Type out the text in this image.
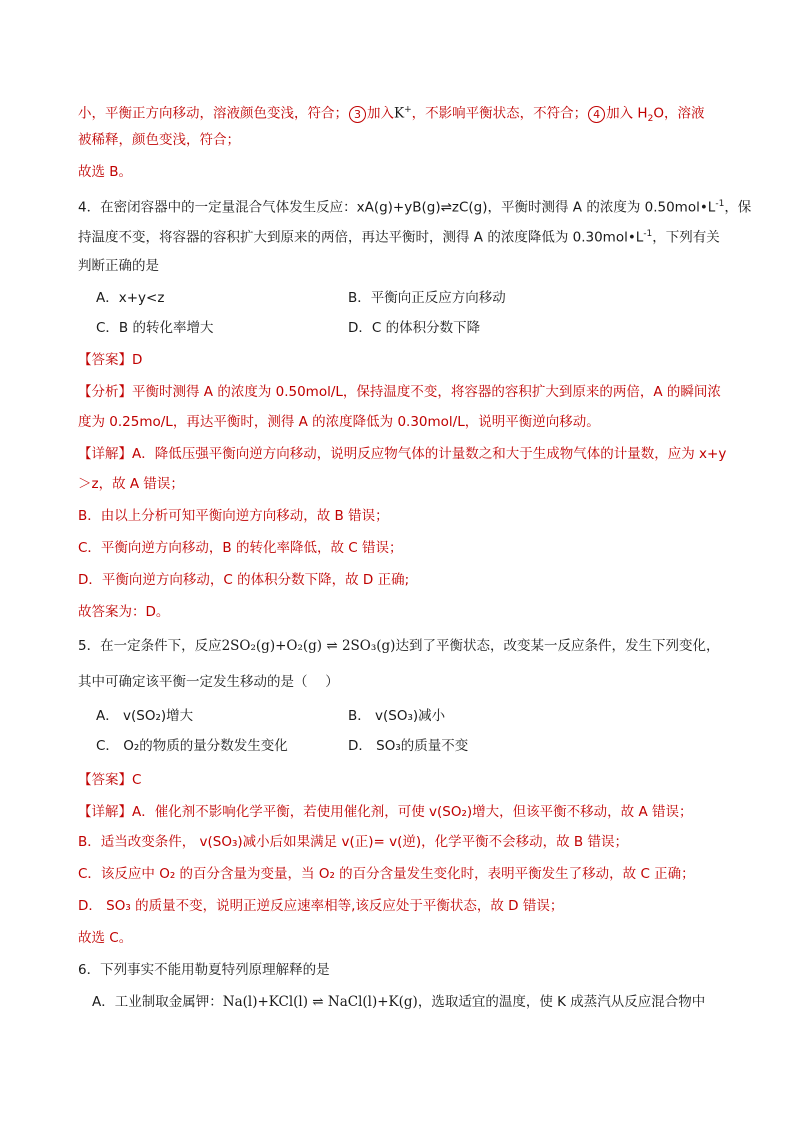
小，平衡正方向移动，溶液颜色变浅，符合； 3 加入K+，不影响平衡状态，不符合； 4 加入 $H_2O$，溶液
被稀释，颜色变浅，符合；
故选 B。
4．在密闭容器中的一定量混合气体发生反应：xA(g)+yB(g)⇌zC(g)，平衡时测得 A 的浓度为 $0.50mol•L^{-1}$，保
持温度不变，将容器的容积扩大到原来的两倍，再达平衡时，测得 A 的浓度降低为 $0.30mol•L^{-1}$，下列有关
判断正确的是
A．x+y<z	B．平衡向正反应方向移动
C．B 的转化率增大	D．C 的体积分数下降
【答案】D
【分析】平衡时测得 A 的浓度为 0.50mol/L，保持温度不变，将容器的容积扩大到原来的两倍，A 的瞬间浓
度为 0.25mo/L，再达平衡时，测得 A 的浓度降低为 0.30mol/L，说明平衡逆向移动。
【详解】A．降低压强平衡向逆方向移动，说明反应物气体的计量数之和大于生成物气体的计量数，应为 x+y
＞z，故 A 错误；
B．由以上分析可知平衡向逆方向移动，故 B 错误；
C．平衡向逆方向移动，B 的转化率降低，故 C 错误；
D．平衡向逆方向移动，C 的体积分数下降，故 D 正确;
故答案为：D。
5．在一定条件下，反应2SO₂(g)+O₂(g) ⇌ 2SO₃(g)达到了平衡状态，改变某一反应条件，发生下列变化，
其中可确定该平衡一定发生移动的是（　 ）
A． v(SO₂)增大	B． v(SO₃)减小
C． O₂的物质的量分数发生变化	D． SO₃的质量不变
【答案】C
【详解】A．催化剂不影响化学平衡，若使用催化剂，可使 v(SO₂)增大，但该平衡不移动，故 A 错误；
B．适当改变条件， v(SO₃)减小后如果满足 v(正)= v(逆)，化学平衡不会移动，故 B 错误；
C．该反应中 O₂ 的百分含量为变量，当 O₂ 的百分含量发生变化时，表明平衡发生了移动，故 C 正确；
D． SO₃ 的质量不变，说明正逆反应速率相等,该反应处于平衡状态，故 D 错误；
故选 C。
6．下列事实不能用勒夏特列原理解释的是
A．工业制取金属钾：Na(l)+KCl(l) ⇌ NaCl(l)+K(g)，选取适宜的温度，使 K 成蒸汽从反应混合物中
